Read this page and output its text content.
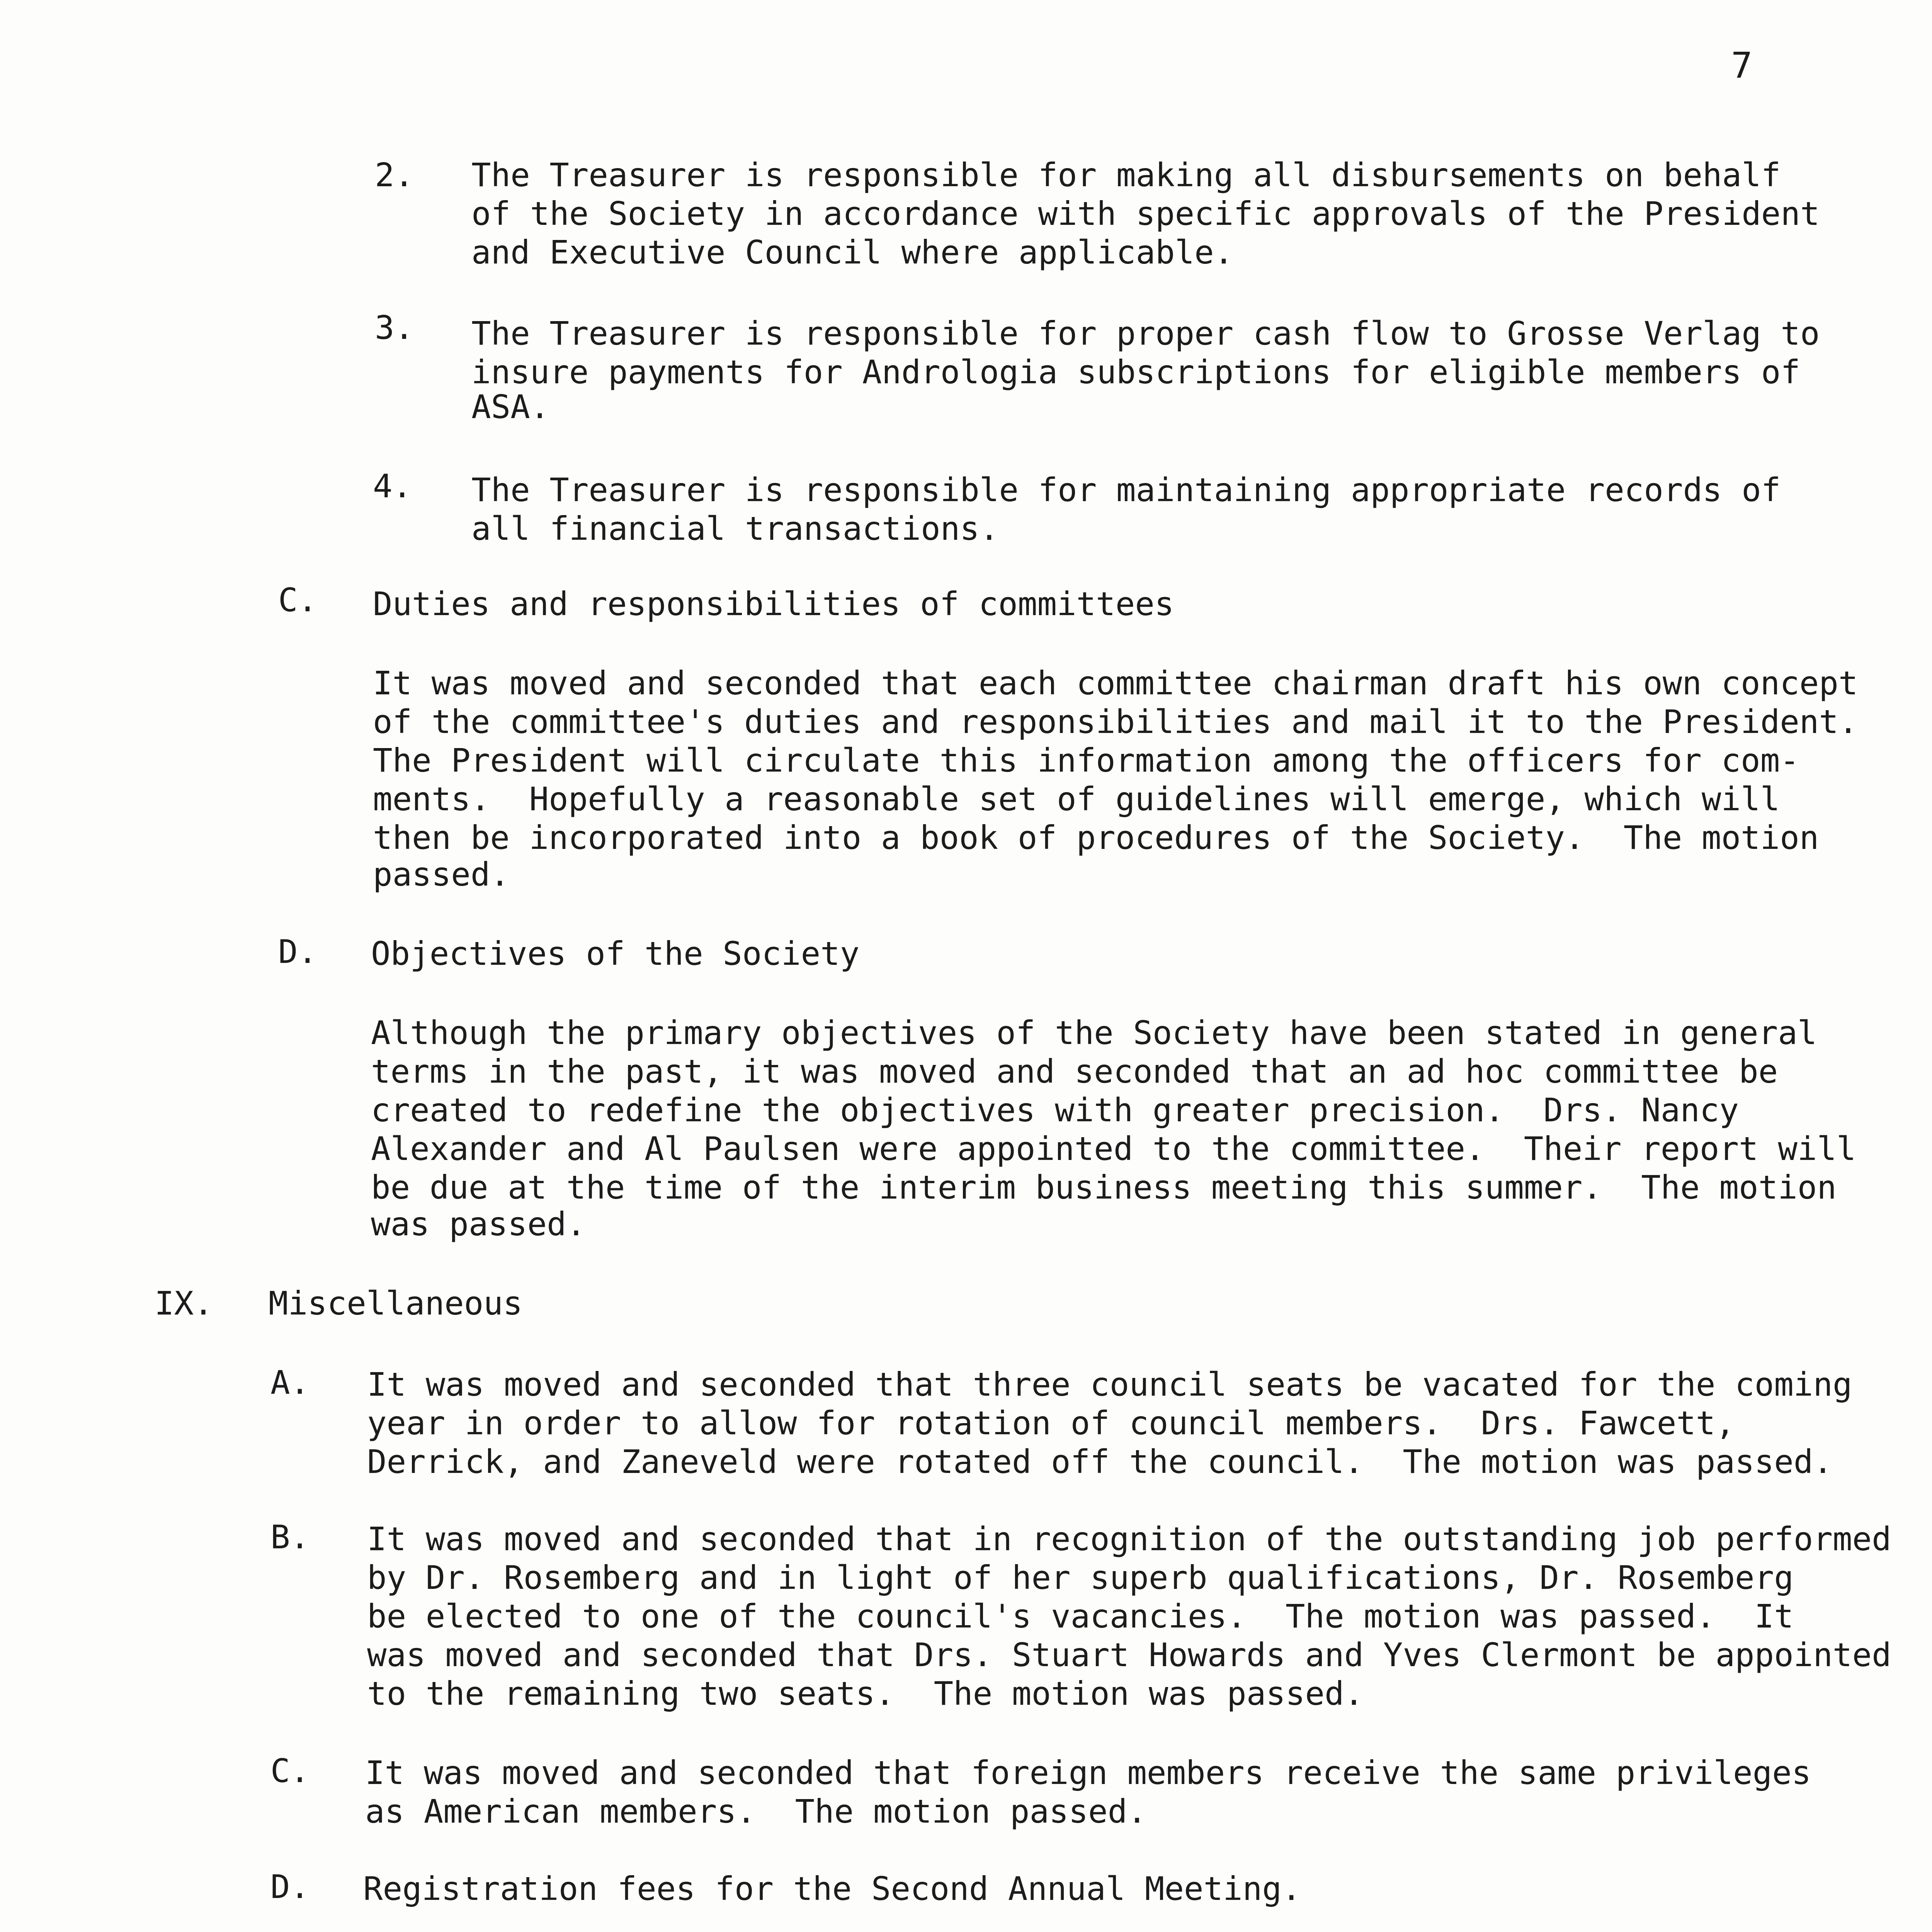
7
2. The Treasurer is responsible for making all disbursements on behalf
of the Society in accordance with specific approvals of the President
and Executive Council where applicable.
3. The Treasurer is responsible for proper cash flow to Grosse Verlag to
insure payments for Andrologia subscriptions for eligible members of
ASA.
4. The Treasurer is responsible for maintaining appropriate records of
all financial transactions.
C. Duties and responsibilities of committees
It was moved and seconded that each committee chairman draft his own concept
of the committee's duties and responsibilities and mail it to the President.
The President will circulate this information among the officers for com-
ments.  Hopefully a reasonable set of guidelines will emerge, which will
then be incorporated into a book of procedures of the Society.  The motion
passed.
D. Objectives of the Society
Although the primary objectives of the Society have been stated in general
terms in the past, it was moved and seconded that an ad hoc committee be
created to redefine the objectives with greater precision.  Drs. Nancy
Alexander and Al Paulsen were appointed to the committee.  Their report will
be due at the time of the interim business meeting this summer.  The motion
was passed.
IX. Miscellaneous
A. It was moved and seconded that three council seats be vacated for the coming
year in order to allow for rotation of council members.  Drs. Fawcett,
Derrick, and Zaneveld were rotated off the council.  The motion was passed.
B. It was moved and seconded that in recognition of the outstanding job performed
by Dr. Rosemberg and in light of her superb qualifications, Dr. Rosemberg
be elected to one of the council's vacancies.  The motion was passed.  It
was moved and seconded that Drs. Stuart Howards and Yves Clermont be appointed
to the remaining two seats.  The motion was passed.
C. It was moved and seconded that foreign members receive the same privileges
as American members.  The motion passed.
D. Registration fees for the Second Annual Meeting.
